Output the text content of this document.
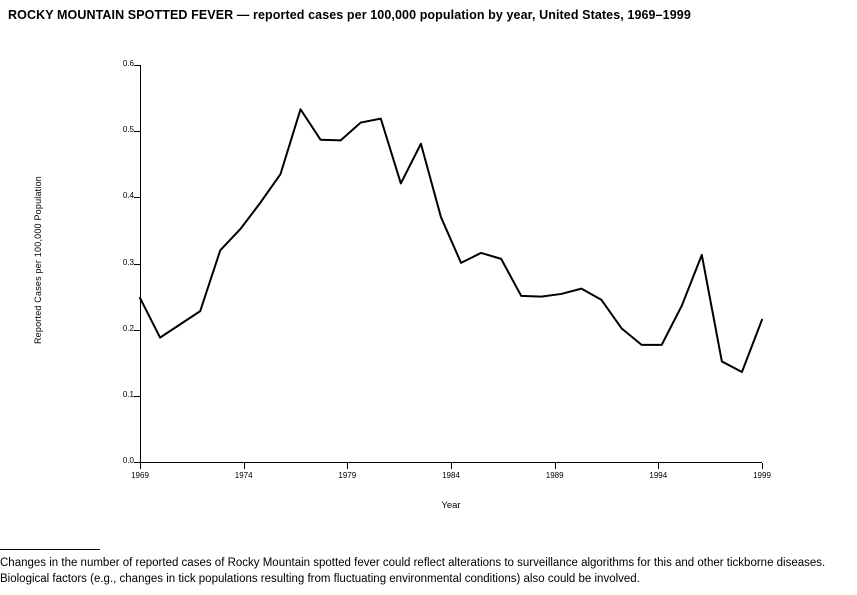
ROCKY MOUNTAIN SPOTTED FEVER — reported cases per 100,000 population by year, United States, 1969–1999
0.0
0.1
0.2
0.3
0.4
0.5
0.6
1969	1974	1979	1984	1989	1994	1999
Reported Cases per 100,000 Population
Year
Changes in the number of reported cases of Rocky Mountain spotted fever could reflect alterations to surveillance algorithms for this and other tickborne diseases. Biological factors (e.g., changes in tick populations resulting from fluctuating environmental conditions) also could be involved.
